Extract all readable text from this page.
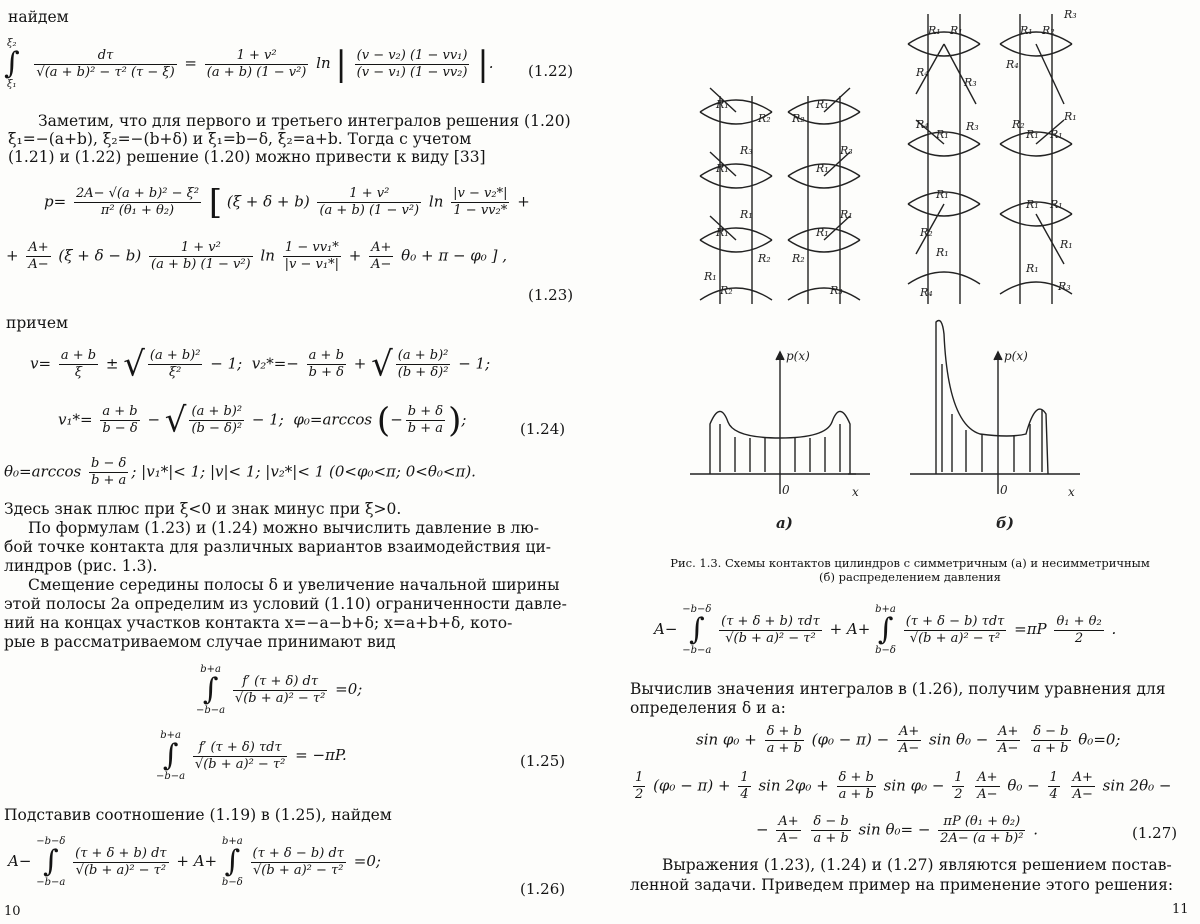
найдем
ξ₂
∫
ξ₁

$\frac{d\tau}{\text{√(a + b)² − τ² (τ − ξ)}} = \frac{\text{1 + v²}}{\text{(a + b) (1 − v²)}}$ ln | $\frac{\text{(v − v₂) (1 − vv₁)}}{\text{(v − v₁) (1 − vv₂)}}$ |. (1.22)
Заметим, что для первого и третьего интегралов решения (1.20)
ξ₁=−(a+b), ξ₂=−(b+δ) и ξ₁=b−δ, ξ₂=a+b. Тогда с учетом
(1.21) и (1.22) решение (1.20) можно привести к виду [33]
$p= \frac{\text{2A− √(a + b)² − ξ²}}{\text{π² (θ₁ + θ₂)}}$ [ $(\xi + \delta + b) \frac{\text{1 + v²}}{\text{(a + b) (1 − v²)}}$ $\ln \frac{\text{|v − v₂*|}}{\text{1 − vv₂*}}$ +
+ $\frac{A+}{A-} (\xi + \delta - b) \frac{\text{1 + v²}}{\text{(a + b) (1 − v²)}}$ $\ln \frac{\text{1 − vv₁*}}{\text{|v − v₁*|}} + \frac{A+}{A-} \theta_0 + \pi - \varphi_0$ ] ,
(1.23)
причем
$v= \frac{a + b}{\xi}$ ± √ $\frac{\text{(a + b)²}}{\text{ξ²}} - 1$; $v_2*=- \frac{a + b}{b + \delta}$ + √ $\frac{\text{(a + b)²}}{\text{(b + δ)²}} - 1$;
$v_1*= \frac{a + b}{b - \delta}$ − √ $\frac{\text{(a + b)²}}{\text{(b − δ)²}} - 1$; φ₀=arccos (− $\frac{b + \delta}{b + a}$ );
(1.24)
$\theta_0=\arccos \frac{b - \delta}{b + a}$ ; |v₁*|< 1; |v|< 1; |v₂*|< 1 (0<φ₀<π; 0<θ₀<π).
Здесь знак плюс при ξ<0 и знак минус при ξ>0.
По формулам (1.23) и (1.24) можно вычислить давление в лю-
бой точке контакта для различных вариантов взаимодействия ци-
линдров (рис. 1.3).
Смещение середины полосы δ и увеличение начальной ширины
этой полосы 2a определим из условий (1.10) ограниченности давле-
ний на концах участков контакта x=−a−b+δ; x=a+b+δ, кото-
рые в рассматриваемом случае принимают вид
b+a
∫
−b−a

$\frac{f' (\tau + \delta) d\tau}{\text{√(b + a)² − τ²}} =0$;
b+a
∫
−b−a

$\frac{\text{f′ (τ + δ) τdτ}}{\text{√(b + a)² − τ²}} = -\pi P$.	(1.25)
Подставив соотношение (1.19) в (1.25), найдем
A−
−b−δ
∫
−b−a

$\frac{(\tau + \delta + b) d\tau}{\text{√(b + a)² − τ²}} + A+$
b+a
∫
b−δ

$\frac{(\tau + \delta - b) d\tau}{\text{√(b + a)² − τ²}} =0$;
(1.26)
10
R₁	R₁
R₁	R₁
R₃
R₁	R₁
R₃
R₁	R₁
R₂	R₃
R₂ R₂
R₂ R₂
R₁
R₄
R₁ R₁	R₁
R₃
R₂
R₃
R₄
R₁
R₄
R₁
R₃
R₁ R₁
R₂
R₁
R₁ R₁
R₂
R₁
R₁
R₃
R₄
R₁
p(x)
0	x
p(x)
0	x
а)	б)
Рис. 1.3. Схемы контактов цилиндров с симметричным (а) и несимметричным
(б) распределением давления
A−
−b−δ
∫
−b−a

$\frac{\text{(τ + δ + b) τdτ}}{\text{√(b + a)² − τ²}} + A+$
b+a
∫
b−δ

$\frac{\text{(τ + δ − b) τdτ}}{\text{√(b + a)² − τ²}} =\pi P \frac{\text{θ₁ + θ₂}}{2}$ .
Вычислив значения интегралов в (1.26), получим уравнения для
определения δ и a:
$\sin \varphi_0 + \frac{\delta + b}{a + b} (\varphi_0 - \pi) - \frac{A+}{A-}$ $\sin \theta_0 - \frac{A+}{A-}$
$\frac{\delta - b}{a + b} \theta_0=0$;
$\frac{1}{2} (\varphi_0 - \pi) + \frac{1}{4}$ $\sin 2\varphi_0 + \frac{\delta + b}{a + b}$ $\sin \varphi_0 - \frac{1}{2}$
$\frac{A+}{A-} \theta_0 - \frac{1}{4}$
$\frac{A+}{A-}$ sin 2θ₀ −
− $\frac{A+}{A-}$
$\frac{\delta - b}{a + b}$ $\sin \theta_0= - \frac{\text{πP (θ₁ + θ₂)}}{\text{2A− (a + b)²}}$ .	(1.27)
Выражения (1.23), (1.24) и (1.27) являются решением постав-
ленной задачи. Приведем пример на применение этого решения:
11
